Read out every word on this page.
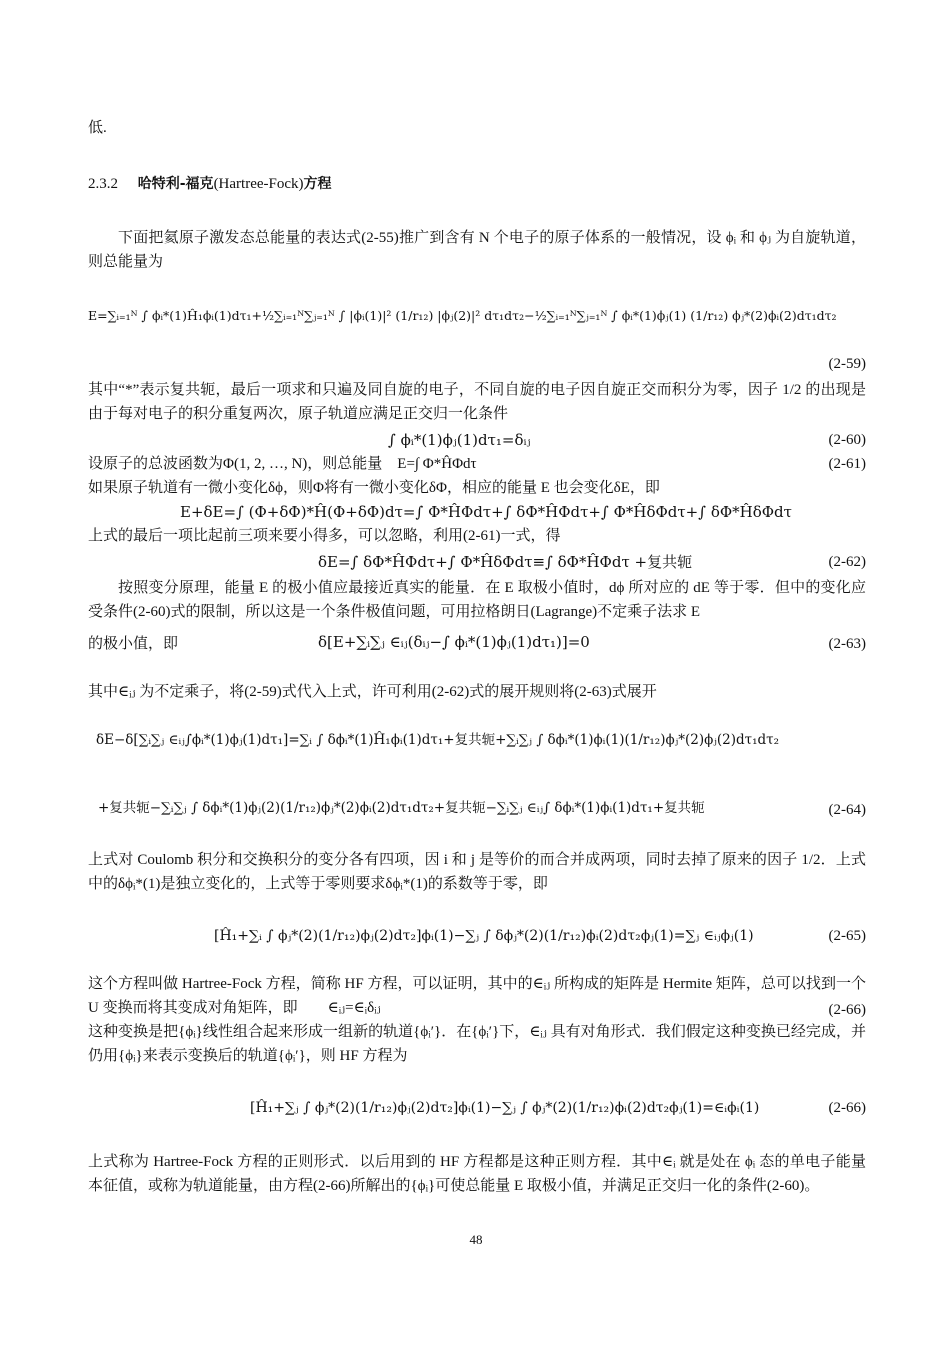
低.
2.3.2 哈特利-福克(Hartree-Fock)方程
下面把氦原子激发态总能量的表达式(2-55)推广到含有 N 个电子的原子体系的一般情况，设 ϕᵢ 和 ϕⱼ 为自旋轨道，则总能量为
E=∑ᵢ₌₁ᴺ ∫ ϕᵢ*(1)Ĥ₁ϕᵢ(1)dτ₁+½∑ᵢ₌₁ᴺ∑ⱼ₌₁ᴺ ∫ |ϕᵢ(1)|² (1/r₁₂) |ϕⱼ(2)|² dτ₁dτ₂−½∑ᵢ₌₁ᴺ∑ⱼ₌₁ᴺ ∫ ϕᵢ*(1)ϕⱼ(1) (1/r₁₂) ϕⱼ*(2)ϕᵢ(2)dτ₁dτ₂
(2-59)
其中“*”表示复共轭，最后一项求和只遍及同自旋的电子，不同自旋的电子因自旋正交而积分为零，因子 1/2 的出现是由于每对电子的积分重复两次，原子轨道应满足正交归一化条件
∫ ϕᵢ*(1)ϕⱼ(1)dτ₁=δᵢⱼ	(2-60)
设原子的总波函数为Φ(1, 2, …, N)，则总能量　E=∫ Φ*ĤΦdτ	(2-61)
如果原子轨道有一微小变化δϕ，则Φ将有一微小变化δΦ，相应的能量 E 也会变化δE，即
E+δE=∫ (Φ+δΦ)*Ĥ(Φ+δΦ)dτ=∫ Φ*ĤΦdτ+∫ δΦ*ĤΦdτ+∫ Φ*ĤδΦdτ+∫ δΦ*ĤδΦdτ
上式的最后一项比起前三项来要小得多，可以忽略，利用(2-61)一式，得
δE=∫ δΦ*ĤΦdτ+∫ Φ*ĤδΦdτ≡∫ δΦ*ĤΦdτ +复共轭	(2-62)
按照变分原理，能量 E 的极小值应最接近真实的能量．在 E 取极小值时，dϕ 所对应的 dE 等于零．但中的变化应受条件(2-60)式的限制，所以这是一个条件极值问题，可用拉格朗日(Lagrange)不定乘子法求 E
的极小值，即	δ[E+∑ᵢ∑ⱼ ∈ᵢⱼ(δᵢⱼ−∫ ϕᵢ*(1)ϕⱼ(1)dτ₁)]=0	(2-63)
其中∈ᵢⱼ 为不定乘子，将(2-59)式代入上式，许可利用(2-62)式的展开规则将(2-63)式展开
δE−δ[∑ᵢ∑ⱼ ∈ᵢⱼ∫ϕᵢ*(1)ϕⱼ(1)dτ₁]=∑ᵢ ∫ δϕᵢ*(1)Ĥ₁ϕᵢ(1)dτ₁+复共轭+∑ᵢ∑ⱼ ∫ δϕᵢ*(1)ϕᵢ(1)(1/r₁₂)ϕⱼ*(2)ϕⱼ(2)dτ₁dτ₂
+复共轭−∑ᵢ∑ⱼ ∫ δϕᵢ*(1)ϕⱼ(2)(1/r₁₂)ϕⱼ*(2)ϕᵢ(2)dτ₁dτ₂+复共轭−∑ᵢ∑ⱼ ∈ᵢⱼ∫ δϕᵢ*(1)ϕᵢ(1)dτ₁+复共轭	(2-64)
上式对 Coulomb 积分和交换积分的变分各有四项，因 i 和 j 是等价的而合并成两项，同时去掉了原来的因子 1/2．上式中的δϕᵢ*(1)是独立变化的，上式等于零则要求δϕᵢ*(1)的系数等于零，即
[Ĥ₁+∑ᵢ ∫ ϕⱼ*(2)(1/r₁₂)ϕⱼ(2)dτ₂]ϕᵢ(1)−∑ⱼ ∫ δϕⱼ*(2)(1/r₁₂)ϕᵢ(2)dτ₂ϕⱼ(1)=∑ⱼ ∈ᵢⱼϕⱼ(1)	(2-65)
这个方程叫做 Hartree-Fock 方程，简称 HF 方程，可以证明，其中的∈ᵢⱼ 所构成的矩阵是 Hermite 矩阵，总可以找到一个 U 变换而将其变成对角矩阵，即　　∈ᵢⱼ=∈ᵢδᵢⱼ	(2-66)
这种变换是把{ϕᵢ}线性组合起来形成一组新的轨道{ϕᵢ′}．在{ϕᵢ′}下，∈ᵢⱼ 具有对角形式．我们假定这种变换已经完成，并仍用{ϕᵢ}来表示变换后的轨道{ϕᵢ′}，则 HF 方程为
[Ĥ₁+∑ⱼ ∫ ϕⱼ*(2)(1/r₁₂)ϕⱼ(2)dτ₂]ϕᵢ(1)−∑ⱼ ∫ ϕⱼ*(2)(1/r₁₂)ϕᵢ(2)dτ₂ϕⱼ(1)=∈ᵢϕᵢ(1)	(2-66)
上式称为 Hartree-Fock 方程的正则形式．以后用到的 HF 方程都是这种正则方程．其中∈ᵢ 就是处在 ϕᵢ 态的单电子能量本征值，或称为轨道能量，由方程(2-66)所解出的{ϕᵢ}可使总能量 E 取极小值，并满足正交归一化的条件(2-60)。
48
